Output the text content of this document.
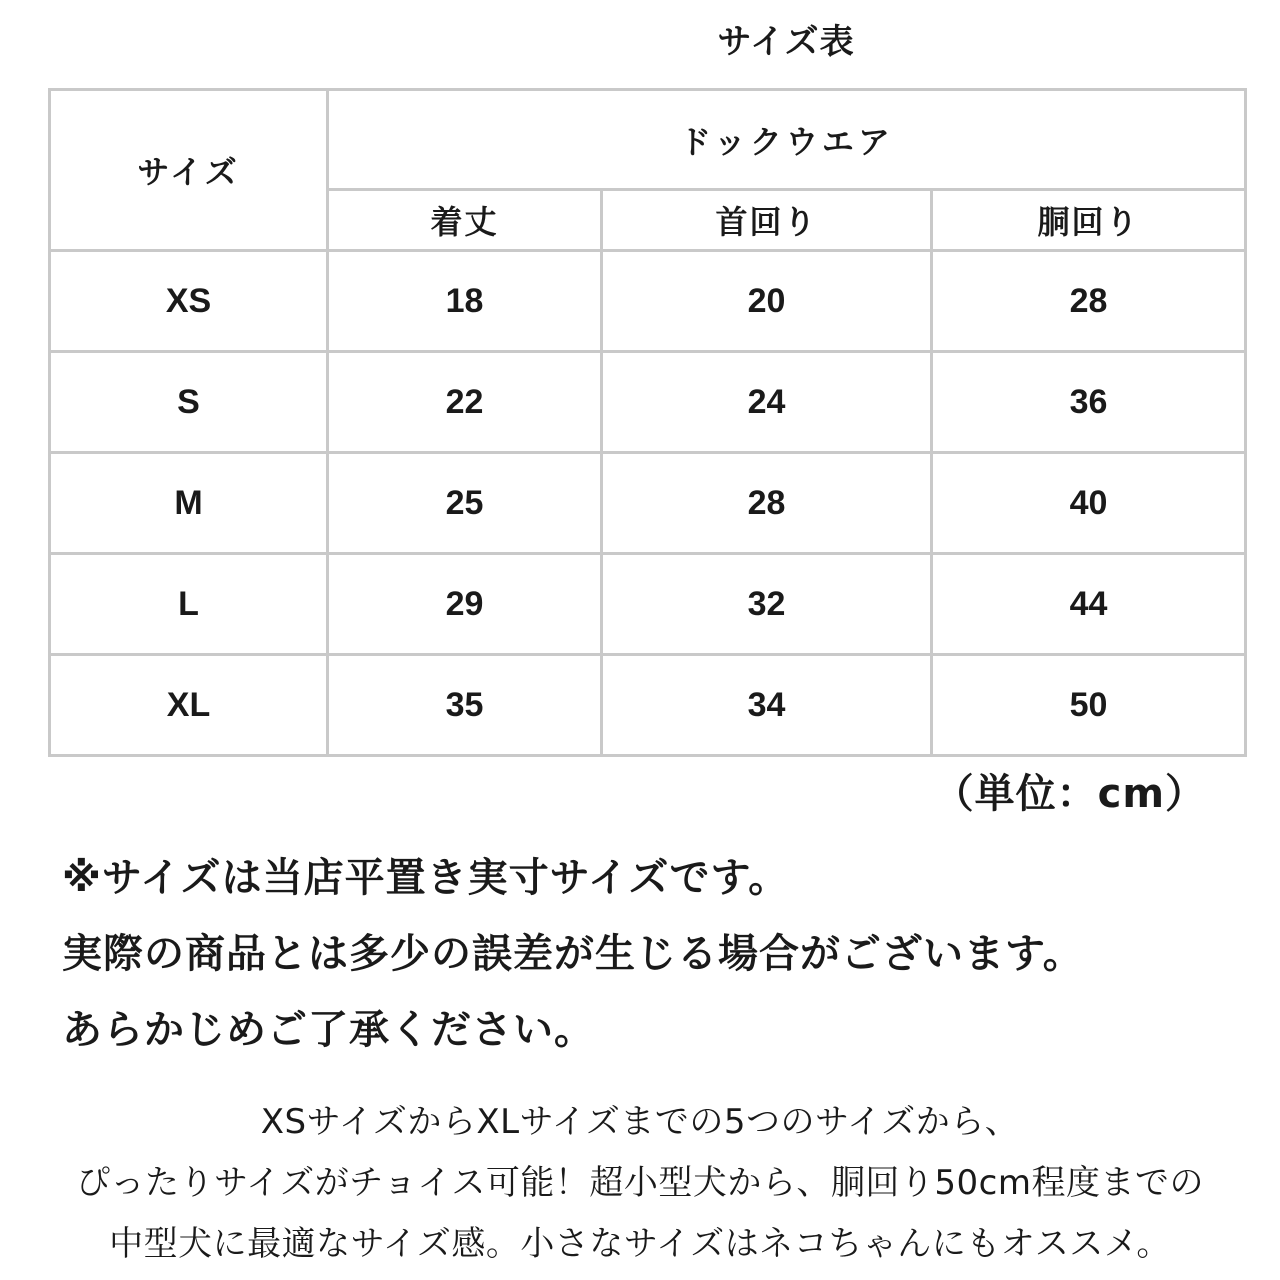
サイズ表
サイズ	ドックウエア		
	着丈	首回り	胴回り
XS	18	20	28
S	22	24	36
M	25	28	40
L	29	32	44
XL	35	34	50
（単位：cm）
※サイズは当店平置き実寸サイズです。
実際の商品とは多少の誤差が生じる場合がございます。
あらかじめご了承ください。
XSサイズからXLサイズまでの5つのサイズから、
ぴったりサイズがチョイス可能！超小型犬から、胴回り50cm程度までの
中型犬に最適なサイズ感。小さなサイズはネコちゃんにもオススメ。
